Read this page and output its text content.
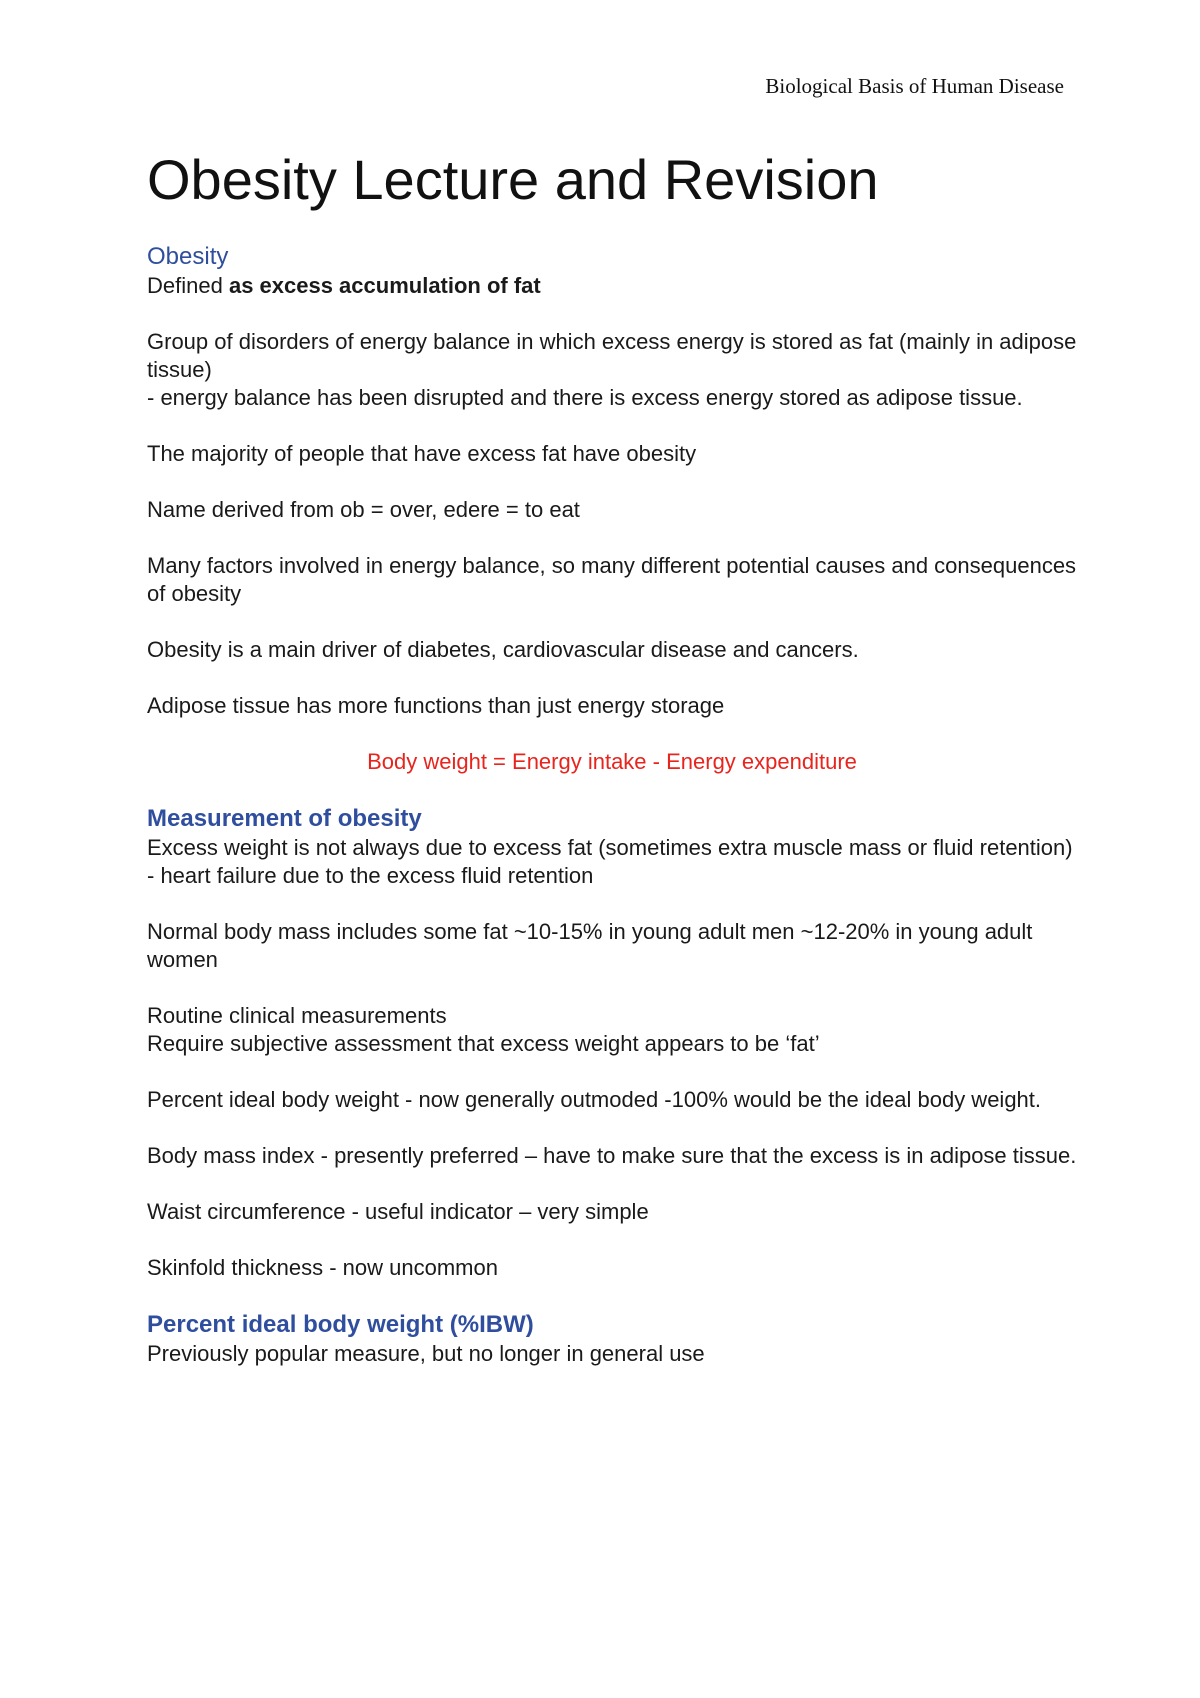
Biological Basis of Human Disease
Obesity Lecture and Revision
Obesity

Defined as excess accumulation of fat

Group of disorders of energy balance in which excess energy is stored as fat (mainly in adipose tissue)

- energy balance has been disrupted and there is excess energy stored as adipose tissue.

The majority of people that have excess fat have obesity

Name derived from ob = over, edere = to eat

Many factors involved in energy balance, so many different potential causes and consequences of obesity

Obesity is a main driver of diabetes, cardiovascular disease and cancers.

Adipose tissue has more functions than just energy storage

Body weight = Energy intake - Energy expenditure

Measurement of obesity

Excess weight is not always due to excess fat (sometimes extra muscle mass or fluid retention)

- heart failure due to the excess fluid retention

Normal body mass includes some fat ~10-15% in young adult men ~12-20% in young adult women

Routine clinical measurements

Require subjective assessment that excess weight appears to be ‘fat’

Percent ideal body weight - now generally outmoded -100% would be the ideal body weight.

Body mass index - presently preferred – have to make sure that the excess is in adipose tissue.

Waist circumference - useful indicator – very simple

Skinfold thickness - now uncommon

Percent ideal body weight (%IBW)

Previously popular measure, but no longer in general use
